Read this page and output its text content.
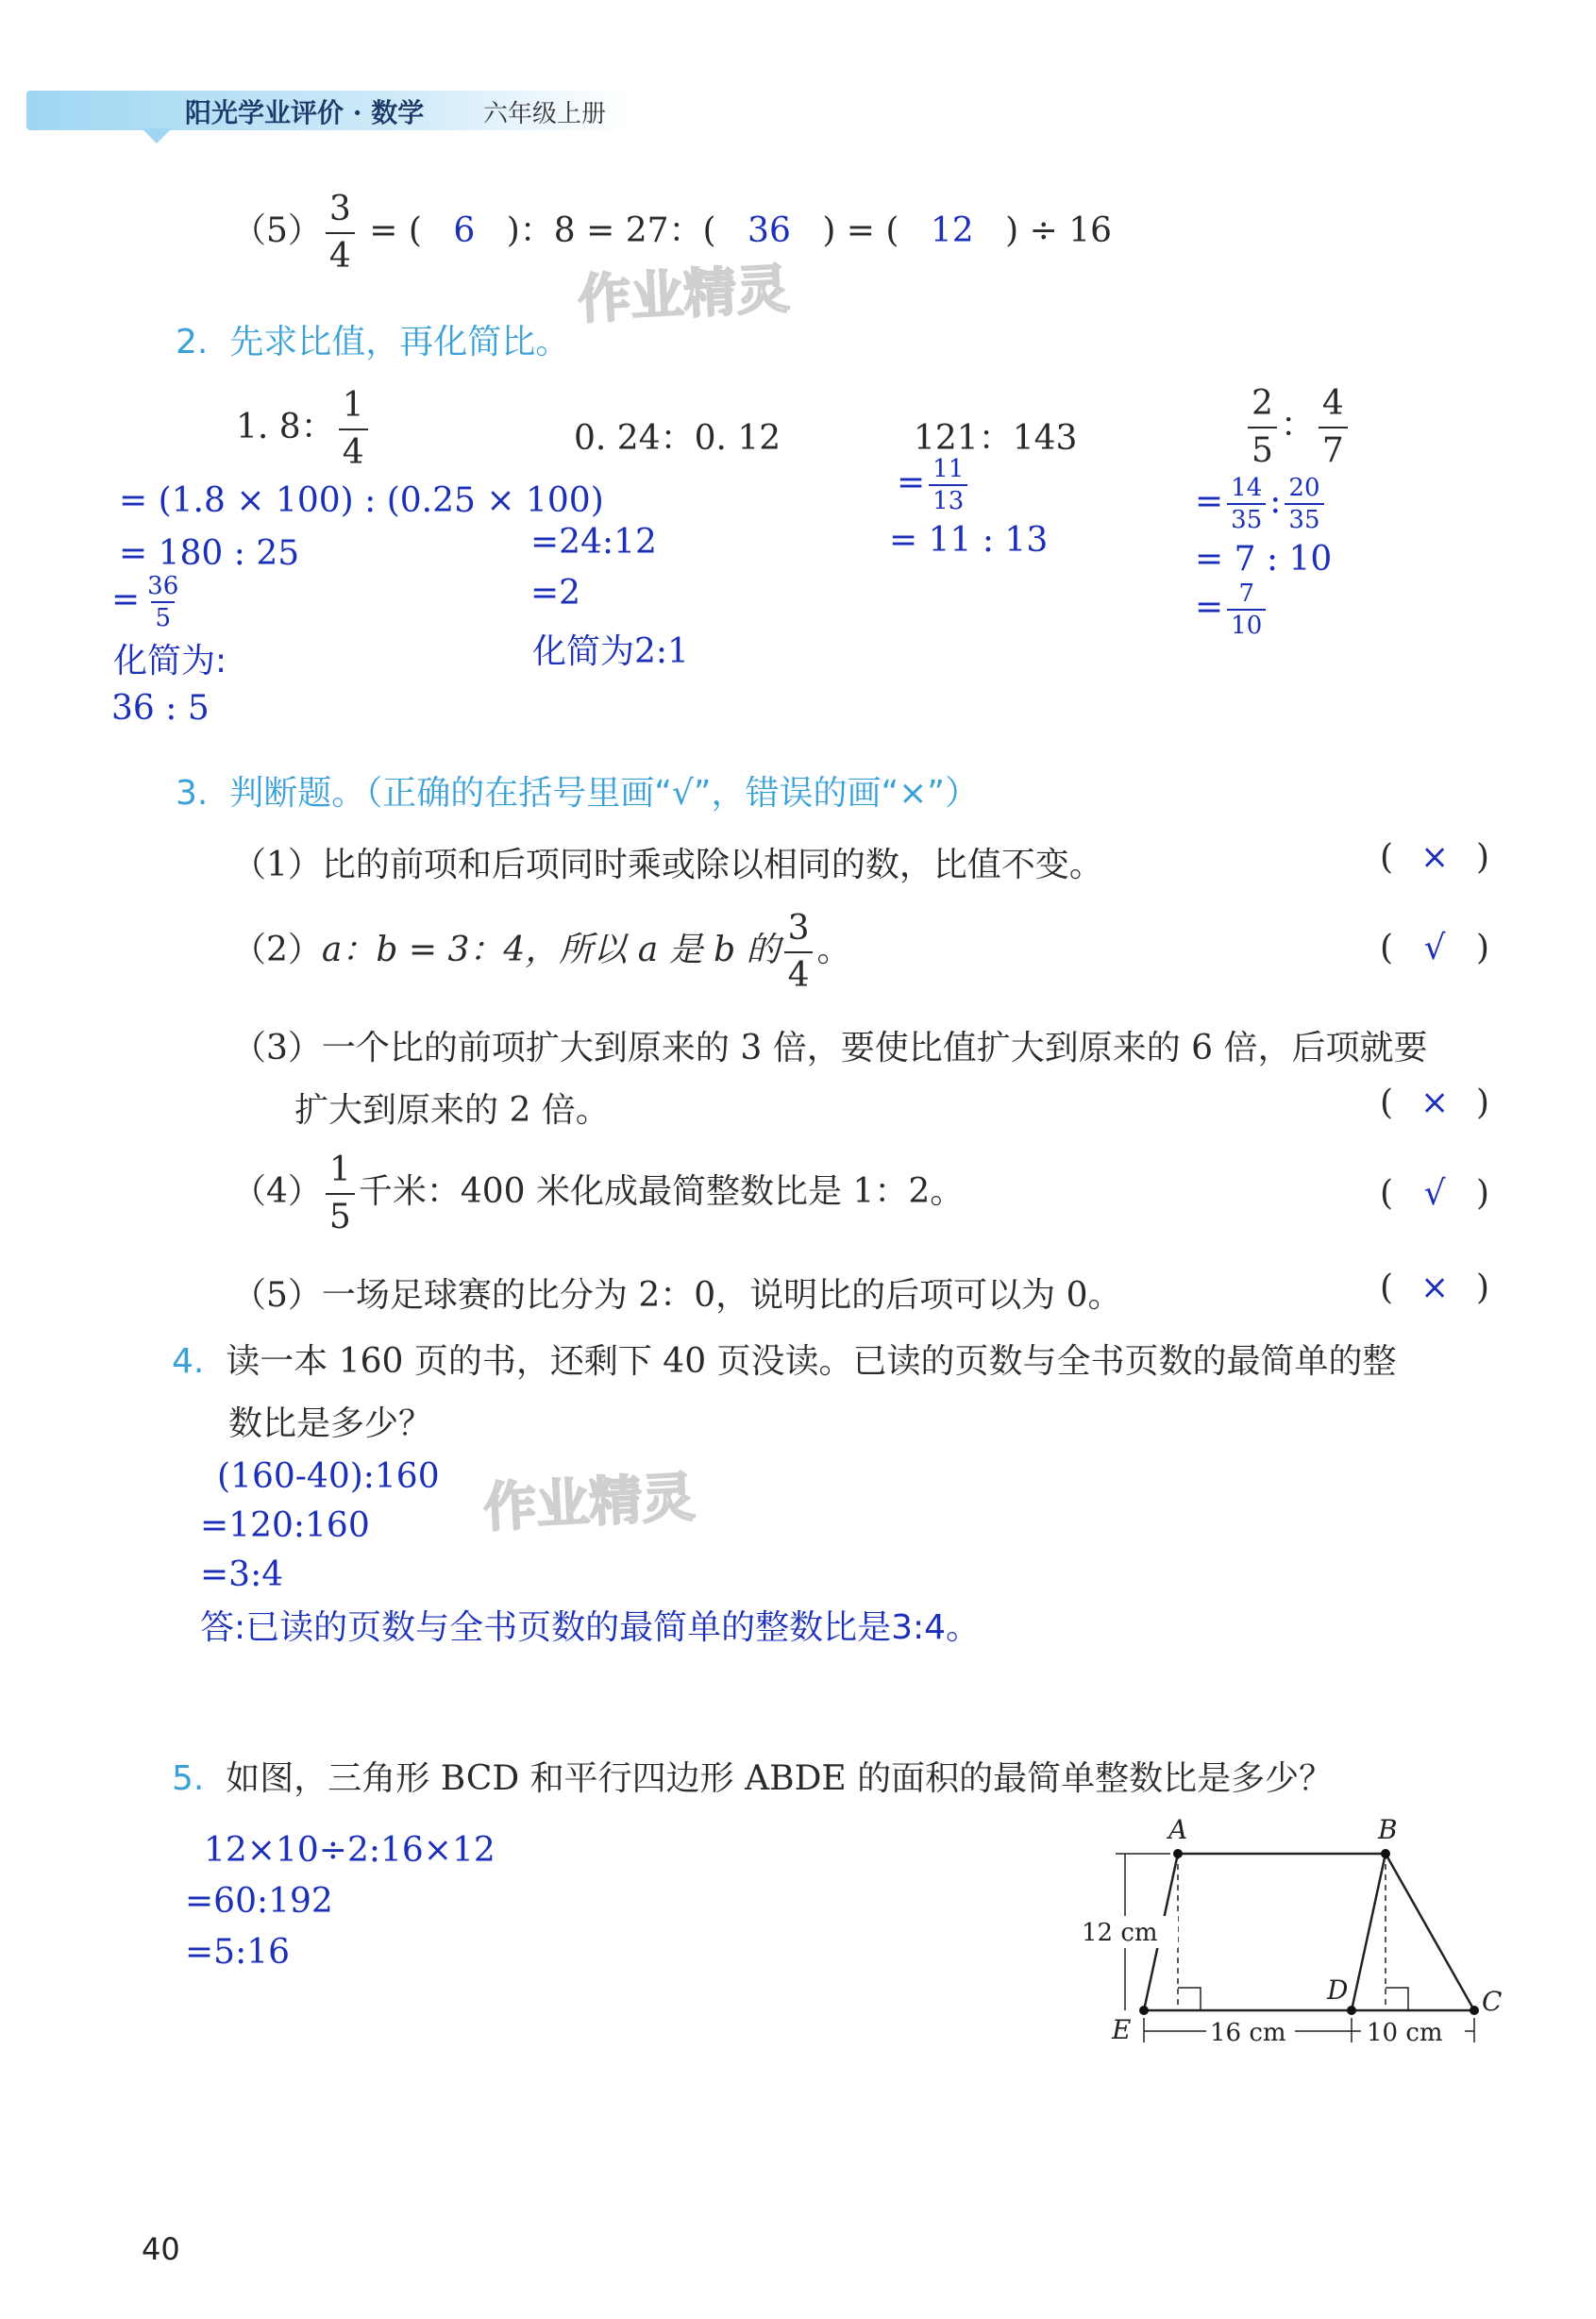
阳光学业评价 · 数学 六年级上册
作业精灵
作业精灵
$(5) \frac{3}{4}$ = ( 6 )：8 = 27：( 36 ) = ( 12 ) ÷ 16
2. 先求比值，再化简比。
1. 8： $\frac{1}{4}$
= (1.8 × 100) : (0.25 × 100)
= 180 : 25
= $\frac{36}{5}$
化简为:
36 : 5
0. 24：0. 12
=24:12
=2
化简为2:1
121：143
= $\frac{11}{13}$
= 11 : 13
$\frac{2}{5}$ ： $\frac{4}{7}$
= $\frac{14}{35}$ : $\frac{20}{35}$
= 7 : 10
= $\frac{7}{10}$
3. 判断题。（正确的在括号里画“√”，错误的画“×”）
（1）比的前项和后项同时乘或除以相同的数，比值不变。
（2）a：b = 3：4，所以 a 是 b 的 $\frac{3}{4}$ 。
（3）一个比的前项扩大到原来的 3 倍，要使比值扩大到原来的 6 倍，后项就要
扩大到原来的 2 倍。
$(4) \frac{1}{5}$ 千米：400 米化成最简整数比是 1：2。
（5）一场足球赛的比分为 2：0，说明比的后项可以为 0。
( × )
( √ )
( × )
( √ )
( × )
4. 读一本 160 页的书，还剩下 40 页没读。已读的页数与全书页数的最简单的整
数比是多少？
(160-40):160
=120:160
=3:4
答:已读的页数与全书页数的最简单的整数比是3:4。
5. 如图，三角形 BCD 和平行四边形 ABDE 的面积的最简单整数比是多少？
12×10÷2:16×12
=60:192
=5:16
A	B
C
D
E
12 cm
16 cm	10 cm
40
